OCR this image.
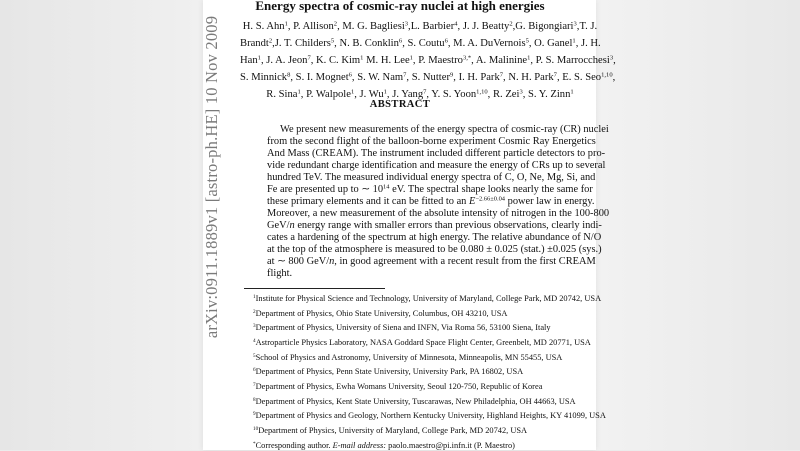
arXiv:0911.1889v1 [astro-ph.HE] 10 Nov 2009
Energy spectra of cosmic-ray nuclei at high energies
H. S. Ahn$^1$, P. Allison$^2$, M. G. Bagliesi$^3$,L. Barbier$^4$, J. J. Beatty$^2$,G. Bigongiari$^3$,T. J.
Brandt$^2$,J. T. Childers$^5$, N. B. Conklin$^6$, S. Coutu$^6$, M. A. DuVernois$^5$, O. Ganel$^1$, J. H.
Han$^1$, J. A. Jeon$^7$, K. C. Kim$^1$ M. H. Lee$^1$, P. Maestro$^{3,*}$, A. Malinine$^1$, P. S. Marrocchesi$^3$,
S. Minnick$^8$, S. I. Mognet$^6$, S. W. Nam$^7$, S. Nutter$^9$, I. H. Park$^7$, N. H. Park$^7$, E. S. Seo$^{1,10}$,
R. Sina$^1$, P. Walpole$^1$, J. Wu$^1$, J. Yang$^7$, Y. S. Yoon$^{1,10}$, R. Zei$^3$, S. Y. Zinn$^1$
ABSTRACT
We present new measurements of the energy spectra of cosmic-ray (CR) nuclei
from the second flight of the balloon-borne experiment Cosmic Ray Energetics
And Mass (CREAM). The instrument included different particle detectors to pro-
vide redundant charge identification and measure the energy of CRs up to several
hundred TeV. The measured individual energy spectra of C, O, Ne, Mg, Si, and
Fe are presented up to ∼ $10^{14}$ eV. The spectral shape looks nearly the same for
these primary elements and it can be fitted to an $E^{-2.66\pm 0.04}$ power law in energy.
Moreover, a new measurement of the absolute intensity of nitrogen in the 100-800
GeV/n energy range with smaller errors than previous observations, clearly indi-
cates a hardening of the spectrum at high energy. The relative abundance of N/O
at the top of the atmosphere is measured to be 0.080 ± 0.025 (stat.) ±0.025 (sys.)
at ∼ 800 GeV/n, in good agreement with a recent result from the first CREAM
flight.
$^1$Institute for Physical Science and Technology, University of Maryland, College Park, MD 20742, USA
$^2$Department of Physics, Ohio State University, Columbus, OH 43210, USA
$^3$Department of Physics, University of Siena and INFN, Via Roma 56, 53100 Siena, Italy
$^4$Astroparticle Physics Laboratory, NASA Goddard Space Flight Center, Greenbelt, MD 20771, USA
$^5$School of Physics and Astronomy, University of Minnesota, Minneapolis, MN 55455, USA
$^6$Department of Physics, Penn State University, University Park, PA 16802, USA
$^7$Department of Physics, Ewha Womans University, Seoul 120-750, Republic of Korea
$^8$Department of Physics, Kent State University, Tuscarawas, New Philadelphia, OH 44663, USA
$^9$Department of Physics and Geology, Northern Kentucky University, Highland Heights, KY 41099, USA
$^{10}$Department of Physics, University of Maryland, College Park, MD 20742, USA
*Corresponding author. E-mail address: paolo.maestro@pi.infn.it (P. Maestro)
